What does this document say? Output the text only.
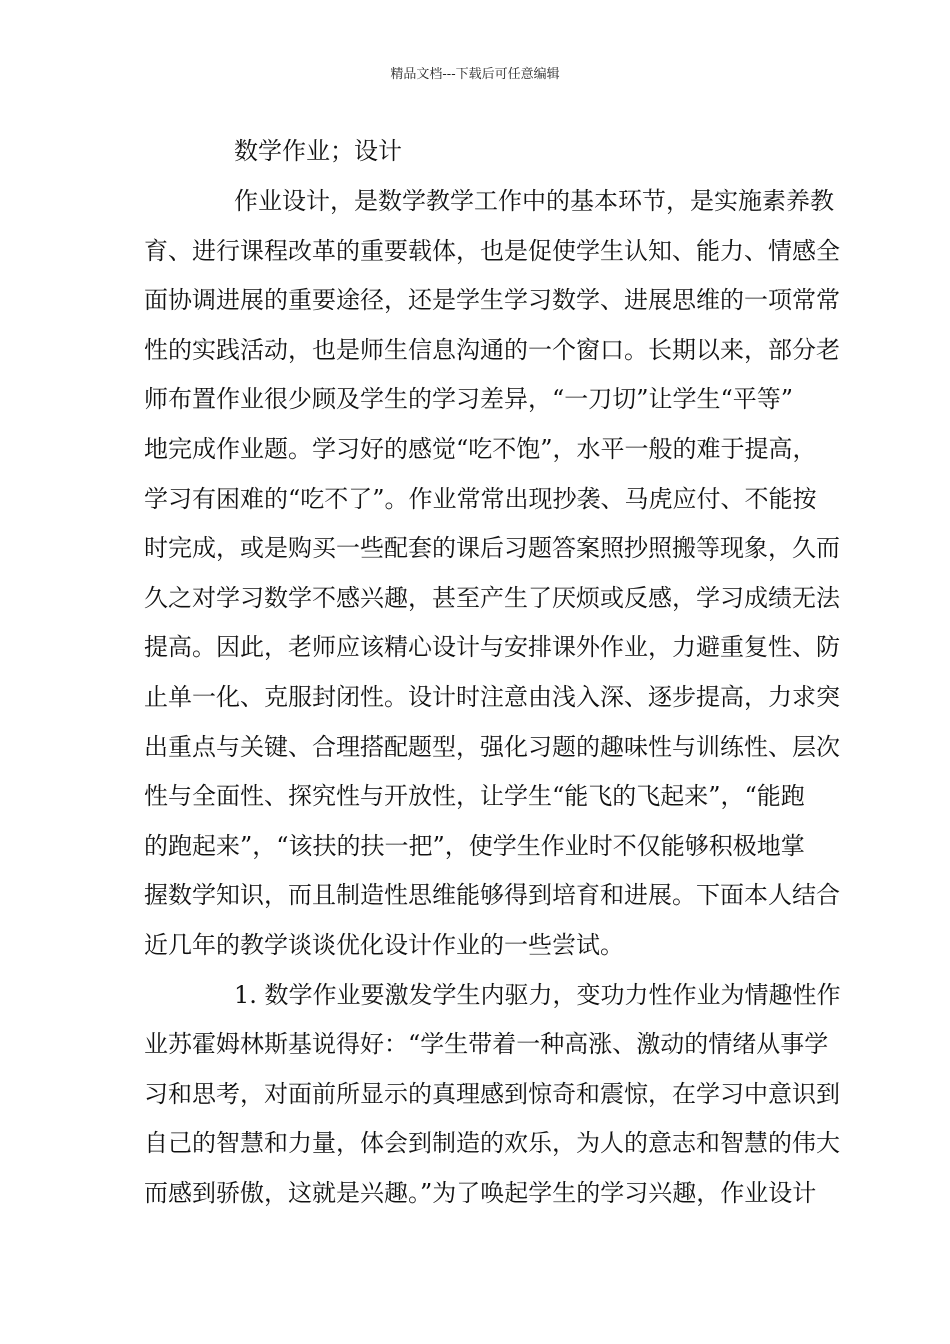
精品文档---下载后可任意编辑
数学作业；设计
作业设计，是数学教学工作中的基本环节，是实施素养教
育、进行课程改革的重要载体，也是促使学生认知、能力、情感全
面协调进展的重要途径，还是学生学习数学、进展思维的一项常常
性的实践活动，也是师生信息沟通的一个窗口。长期以来，部分老
师布置作业很少顾及学生的学习差异，“一刀切”让学生“平等”
地完成作业题。学习好的感觉“吃不饱”，水平一般的难于提高，
学习有困难的“吃不了”。作业常常出现抄袭、马虎应付、不能按
时完成，或是购买一些配套的课后习题答案照抄照搬等现象，久而
久之对学习数学不感兴趣，甚至产生了厌烦或反感，学习成绩无法
提高。因此，老师应该精心设计与安排课外作业，力避重复性、防
止单一化、克服封闭性。设计时注意由浅入深、逐步提高，力求突
出重点与关键、合理搭配题型，强化习题的趣味性与训练性、层次
性与全面性、探究性与开放性，让学生“能飞的飞起来”，“能跑
的跑起来”，“该扶的扶一把”，使学生作业时不仅能够积极地掌
握数学知识，而且制造性思维能够得到培育和进展。下面本人结合
近几年的教学谈谈优化设计作业的一些尝试。
1. 数学作业要激发学生内驱力，变功力性作业为情趣性作
业苏霍姆林斯基说得好：“学生带着一种高涨、激动的情绪从事学
习和思考，对面前所显示的真理感到惊奇和震惊，在学习中意识到
自己的智慧和力量，体会到制造的欢乐，为人的意志和智慧的伟大
而感到骄傲，这就是兴趣。”为了唤起学生的学习兴趣，作业设计
